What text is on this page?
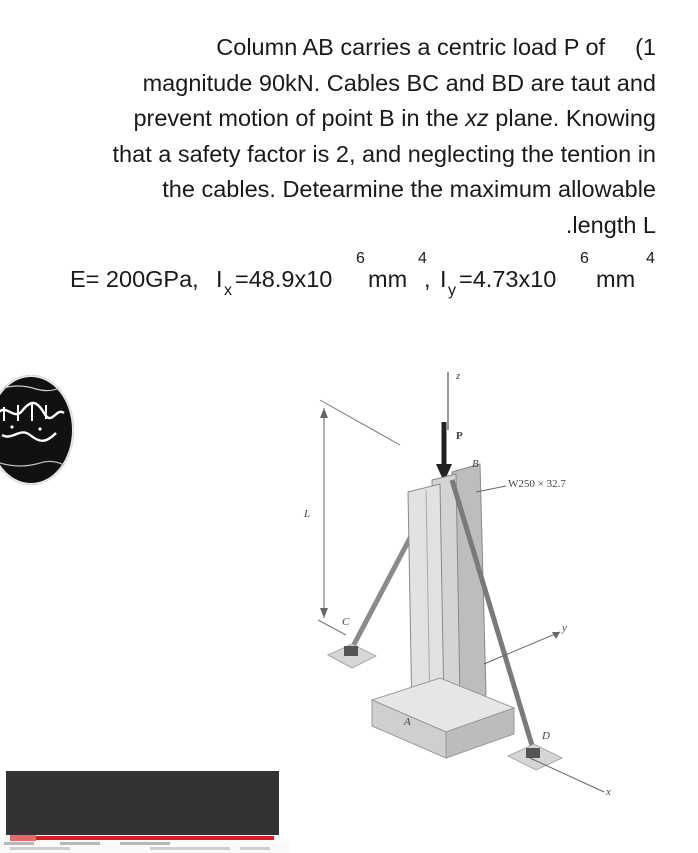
Column AB carries a centric load P of (1
magnitude 90kN. Cables BC and BD are taut and
prevent motion of point B in the xz plane. Knowing
that a safety factor is 2, and neglecting the tention in
the cables. Detearmine the maximum allowable
.length L
E= 200GPa, I x =48.9x10
6
mm
4
, I y =4.73x10
6
mm
4
z
P
B
W250 × 32.7
L
C	y
A
D
x
